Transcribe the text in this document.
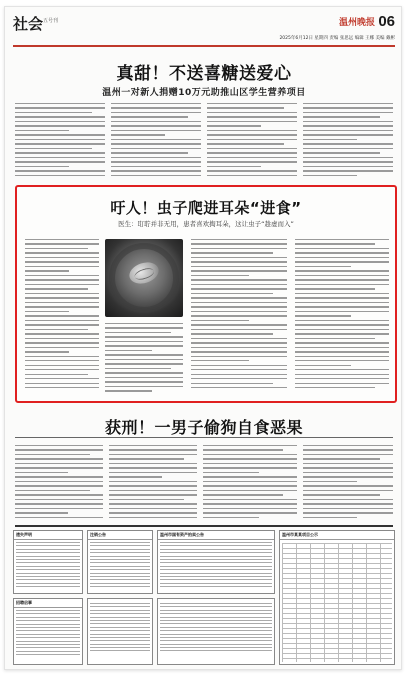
社会 五号刊	温州晚报 06
2025年6月12日 星期四 责编 张思远 编辑 王娜 美编 戴彬
真甜！不送喜糖送爱心
温州一对新人捐赠10万元助推山区学生营养项目
吁人！虫子爬进耳朵“进食”
医生：耵聍并非无用，患者喜欢掏耳朵，这让虫子“趁虚而入”
获刑！一男子偷狗自食恶果
遗失声明	注销公告	温州市国有资产拍卖公告	温州市某某项目公示
招聘启事
